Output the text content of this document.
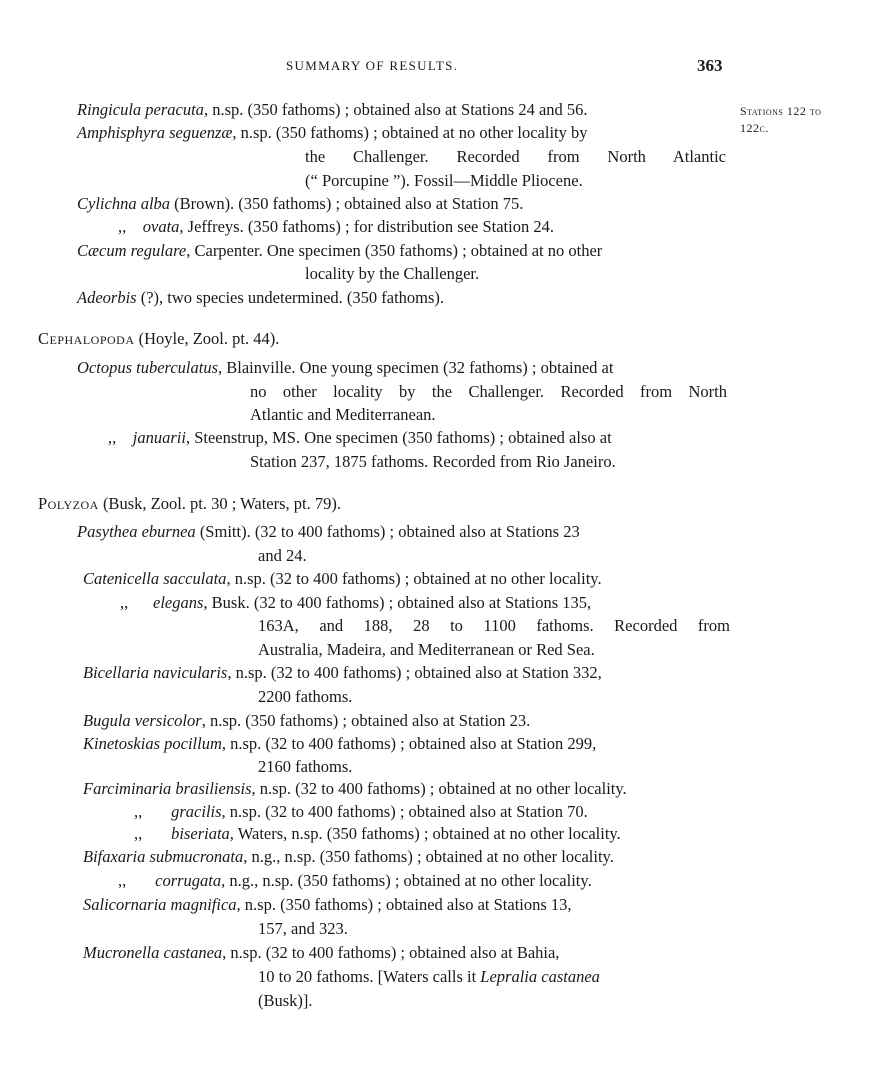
SUMMARY OF RESULTS.	363
Stations 122 to
122c.
Ringicula peracuta, n.sp. (350 fathoms) ; obtained also at Stations 24 and 56.
Amphisphyra seguenzæ, n.sp. (350 fathoms) ; obtained at no other locality by
the Challenger. Recorded from North Atlantic
(“ Porcupine ”). Fossil—Middle Pliocene.
Cylichna alba (Brown). (350 fathoms) ; obtained also at Station 75.
,, ovata, Jeffreys. (350 fathoms) ; for distribution see Station 24.
Cæcum regulare, Carpenter. One specimen (350 fathoms) ; obtained at no other
locality by the Challenger.
Adeorbis (?), two species undetermined. (350 fathoms).
Cephalopoda (Hoyle, Zool. pt. 44).
Octopus tuberculatus, Blainville. One young specimen (32 fathoms) ; obtained at
no other locality by the Challenger. Recorded from North
Atlantic and Mediterranean.
,, januarii, Steenstrup, MS. One specimen (350 fathoms) ; obtained also at
Station 237, 1875 fathoms. Recorded from Rio Janeiro.
Polyzoa (Busk, Zool. pt. 30 ; Waters, pt. 79).
Pasythea eburnea (Smitt). (32 to 400 fathoms) ; obtained also at Stations 23
and 24.
Catenicella sacculata, n.sp. (32 to 400 fathoms) ; obtained at no other locality.
,, elegans, Busk. (32 to 400 fathoms) ; obtained also at Stations 135,
163A, and 188, 28 to 1100 fathoms. Recorded from
Australia, Madeira, and Mediterranean or Red Sea.
Bicellaria navicularis, n.sp. (32 to 400 fathoms) ; obtained also at Station 332,
2200 fathoms.
Bugula versicolor, n.sp. (350 fathoms) ; obtained also at Station 23.
Kinetoskias pocillum, n.sp. (32 to 400 fathoms) ; obtained also at Station 299,
2160 fathoms.
Farciminaria brasiliensis, n.sp. (32 to 400 fathoms) ; obtained at no other locality.
,, gracilis, n.sp. (32 to 400 fathoms) ; obtained also at Station 70.
,, biseriata, Waters, n.sp. (350 fathoms) ; obtained at no other locality.
Bifaxaria submucronata, n.g., n.sp. (350 fathoms) ; obtained at no other locality.
,, corrugata, n.g., n.sp. (350 fathoms) ; obtained at no other locality.
Salicornaria magnifica, n.sp. (350 fathoms) ; obtained also at Stations 13,
157, and 323.
Mucronella castanea, n.sp. (32 to 400 fathoms) ; obtained also at Bahia,
10 to 20 fathoms. [Waters calls it Lepralia castanea
(Busk)].
